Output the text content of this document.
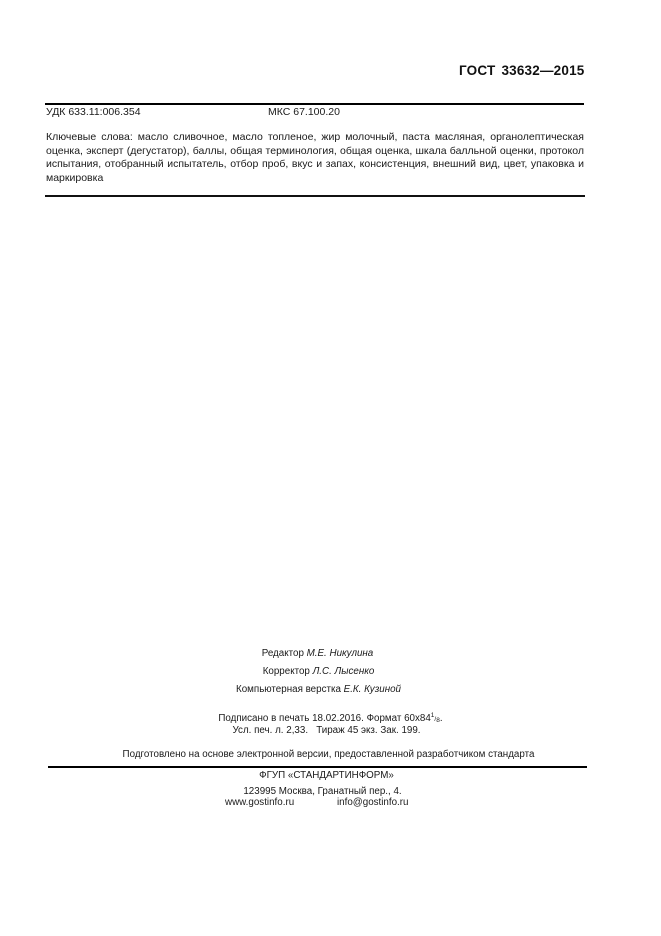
ГОСТ 33632—2015
УДК 633.11:006.354	МКС 67.100.20
Ключевые слова: масло сливочное, масло топленое, жир молочный, паста масляная, органолептическая оценка, эксперт (дегустатор), баллы, общая терминология, общая оценка, шкала балльной оценки, протокол испытания, отобранный испытатель, отбор проб, вкус и запах, консистенция, внешний вид, цвет, упаковка и маркировка
Редактор М.Е. Никулина
Корректор Л.С. Лысенко
Компьютерная верстка Е.К. Кузиной
Подписано в печать 18.02.2016. Формат $60x84^1/_8$.
Усл. печ. л. 2,33.   Тираж 45 экз. Зак. 199.
Подготовлено на основе электронной версии, предоставленной разработчиком стандарта
ФГУП «СТАНДАРТИНФОРМ»
123995 Москва, Гранатный пер., 4.
www.gostinfo.ru	info@gostinfo.ru
